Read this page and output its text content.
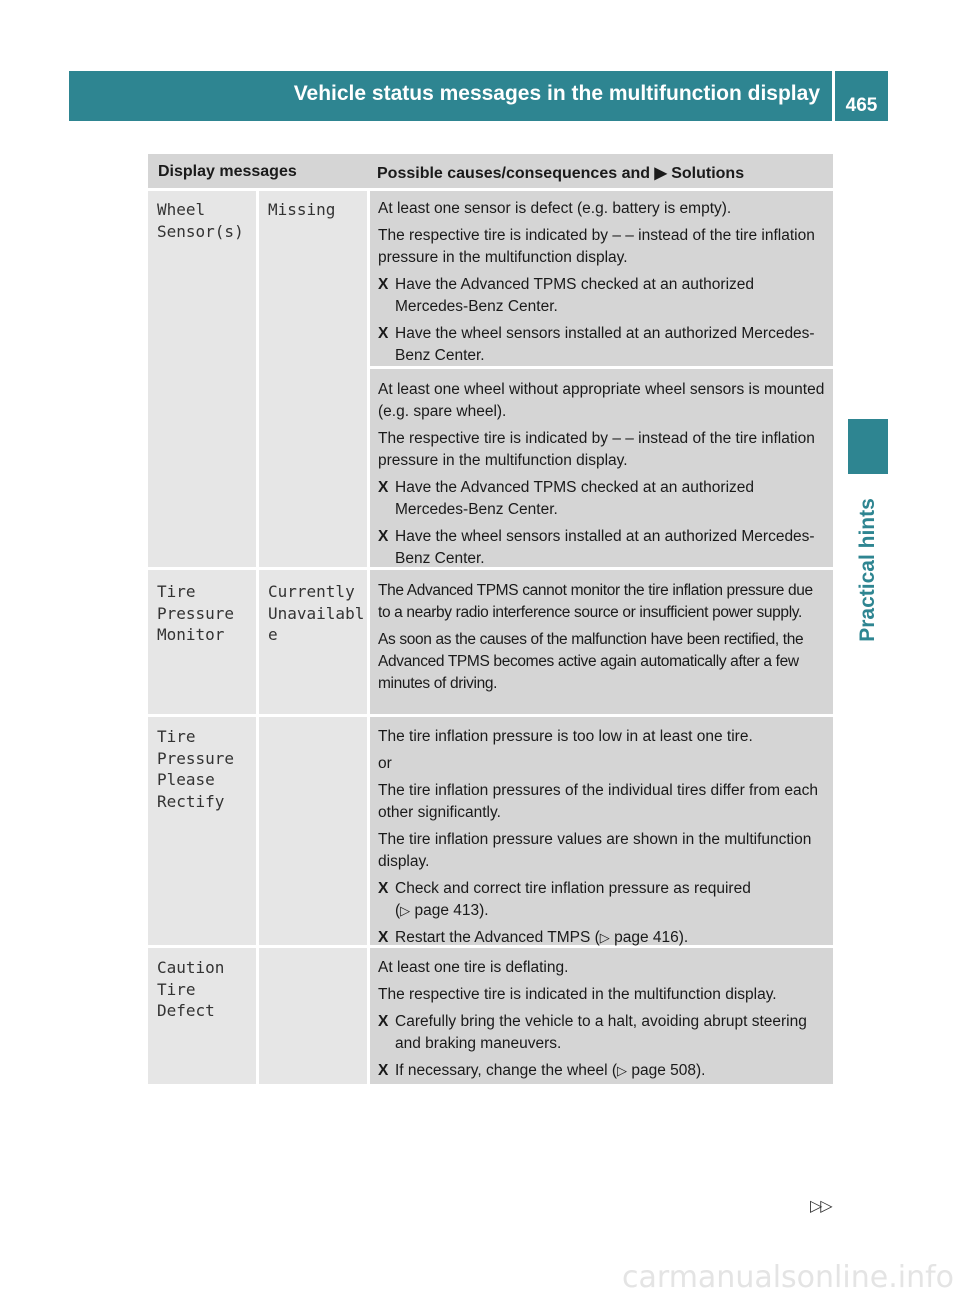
Vehicle status messages in the multifunction display
465
Practical hints
Display messages	Possible causes/consequences and ▶ Solutions
Wheel
Sensor(s)
Missing	At least one sensor is defect (e.g. battery is empty).

The respective tire is indicated by – – instead of the tire inflation pressure in the multifunction display.

X Have the Advanced TPMS checked at an authorized Mercedes-Benz Center.
X Have the wheel sensors installed at an authorized Mercedes-Benz Center.

At least one wheel without appropriate wheel sensors is mounted (e.g. spare wheel).

The respective tire is indicated by – – instead of the tire inflation pressure in the multifunction display.

X Have the Advanced TPMS checked at an authorized Mercedes-Benz Center.
X Have the wheel sensors installed at an authorized Mercedes-Benz Center.
Tire
Pressure
Monitor
Currently
Unavailabl
e

The Advanced TPMS cannot monitor the tire inflation pressure due to a nearby radio interference source or insufficient power supply.

As soon as the causes of the malfunction have been rectified, the Advanced TPMS becomes active again automatically after a few minutes of driving.

Tire
Pressure
Please
Rectify

The tire inflation pressure is too low in at least one tire.

or

The tire inflation pressures of the individual tires differ from each other significantly.

The tire inflation pressure values are shown in the multifunction display.

X Check and correct tire inflation pressure as required
(▷ page 413).
X Restart the Advanced TMPS (▷ page 416).
Caution
Tire
Defect

At least one tire is deflating.

The respective tire is indicated in the multifunction display.

X Carefully bring the vehicle to a halt, avoiding abrupt steering and braking maneuvers.
X If necessary, change the wheel (▷ page 508).
▷▷
carmanualsonline.info
